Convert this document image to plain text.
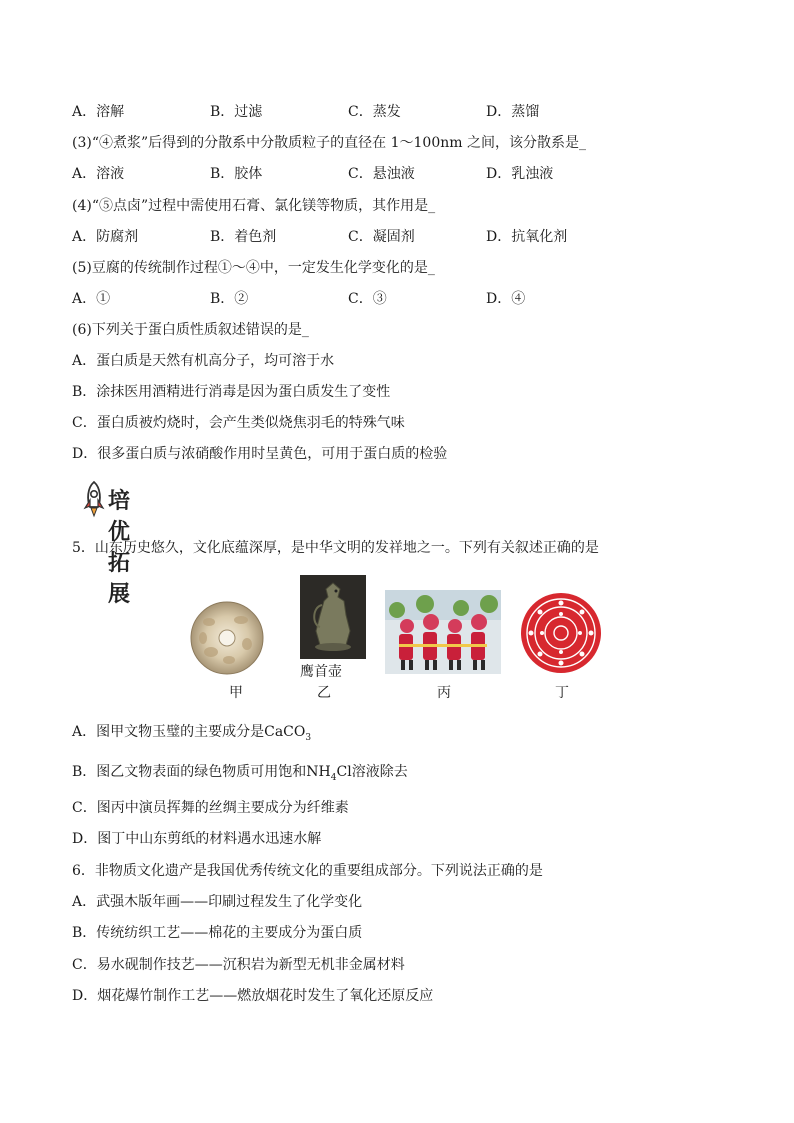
A．溶解	B．过滤	C．蒸发	D．蒸馏
(3)“④煮浆”后得到的分散系中分散质粒子的直径在 1～100nm 之间，该分散系是_
A．溶液	B．胶体	C．悬浊液	D．乳浊液
(4)“⑤点卤”过程中需使用石膏、氯化镁等物质，其作用是_
A．防腐剂	B．着色剂	C．凝固剂	D．抗氧化剂
(5)豆腐的传统制作过程①～④中，一定发生化学变化的是_
A．①	B．②	C．③	D．④
(6)下列关于蛋白质性质叙述错误的是_
A．蛋白质是天然有机高分子，均可溶于水
B．涂抹医用酒精进行消毒是因为蛋白质发生了变性
C．蛋白质被灼烧时，会产生类似烧焦羽毛的特殊气味
D．很多蛋白质与浓硝酸作用时呈黄色，可用于蛋白质的检验
培优拓展
5．山东历史悠久，文化底蕴深厚，是中华文明的发祥地之一。下列有关叙述正确的是
鹰首壶
甲	乙	丙	丁
A．图甲文物玉璧的主要成分是CaCO$_3$
B．图乙文物表面的绿色物质可用饱和$NH_4Cl$溶液除去
C．图丙中演员挥舞的丝绸主要成分为纤维素
D．图丁中山东剪纸的材料遇水迅速水解
6．非物质文化遗产是我国优秀传统文化的重要组成部分。下列说法正确的是
A．武强木版年画——印刷过程发生了化学变化
B．传统纺织工艺——棉花的主要成分为蛋白质
C．易水砚制作技艺——沉积岩为新型无机非金属材料
D．烟花爆竹制作工艺——燃放烟花时发生了氧化还原反应
